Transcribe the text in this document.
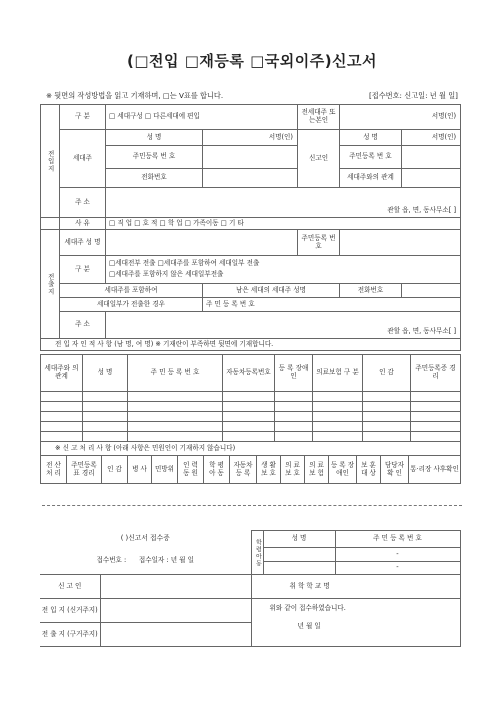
(□전입 □재등록 □국외이주)신고서
※ 뒷면의 작성방법을 읽고 기재하며, □는 V표를 합니다.	[접수번호: 신고일: 년 월 일]
전입지	구 분	□ 세대구성 □ 다른세대에 편입		전세대주 또는본인	서명(인)	
	세대주	성 명	서명(인)	신고인	성 명	서명(인)
		주민등록 번 호			주민등록 번 호	
		전화번호			세대주와의 관계	
	주 소	관할 읍, 면, 동사무소[ ]				
	사 유	□ 직 업 □ 호 적 □ 학 업 □ 가족이동 □ 기 타				
전출지	세대주 성 명			주민등록 번 호		
	구 분	□세대전부 전출 □세대주를 포함하여 세대일부 전출
□세대주를 포함하지 않은 세대일부전출				

	세대주를 포함하여		남은 세대의 세대주 성명		전화번호	
	세대일부가 전출한 경우		주 민 등 록 번 호			
	주 소	관할 읍, 면, 동사무소[ ]				
전 입 자 인 적 사 항 (남 명, 여 명) ※ 기재란이 부족하면 뒷면에 기재합니다.						
세대주와 의 관계	성 명	주 민 등 록 번 호	자동차등록번호	등 록 장애인	의료보험 구 분	인 감	주민등록증 경 리

※ 신 고 처 리 사 항 (아래 사항은 민원인이 기재하지 않습니다)
전 산 처 리	주민등록 표 경리	인 감	병 사	민방위	인 력 동 원	학 평 아 동	자동차 등 록	생 활 보 호	의 료 보 호	의 료 보 험	등 록 장애인	보 훈 대 상	담당자 확 인	통·리장 사후확인
( )신고서 접수증		학령아동	성 명	주 민 등 록 번 호
접수번호 : 접수일자 : 년 월 일				-
				-
신 고 인		취 학 학 교 명		
전 입 지 (신거주지)		위와 같이 접수하였습니다.
년 월 일		

전 출 지 (구거주지)				
